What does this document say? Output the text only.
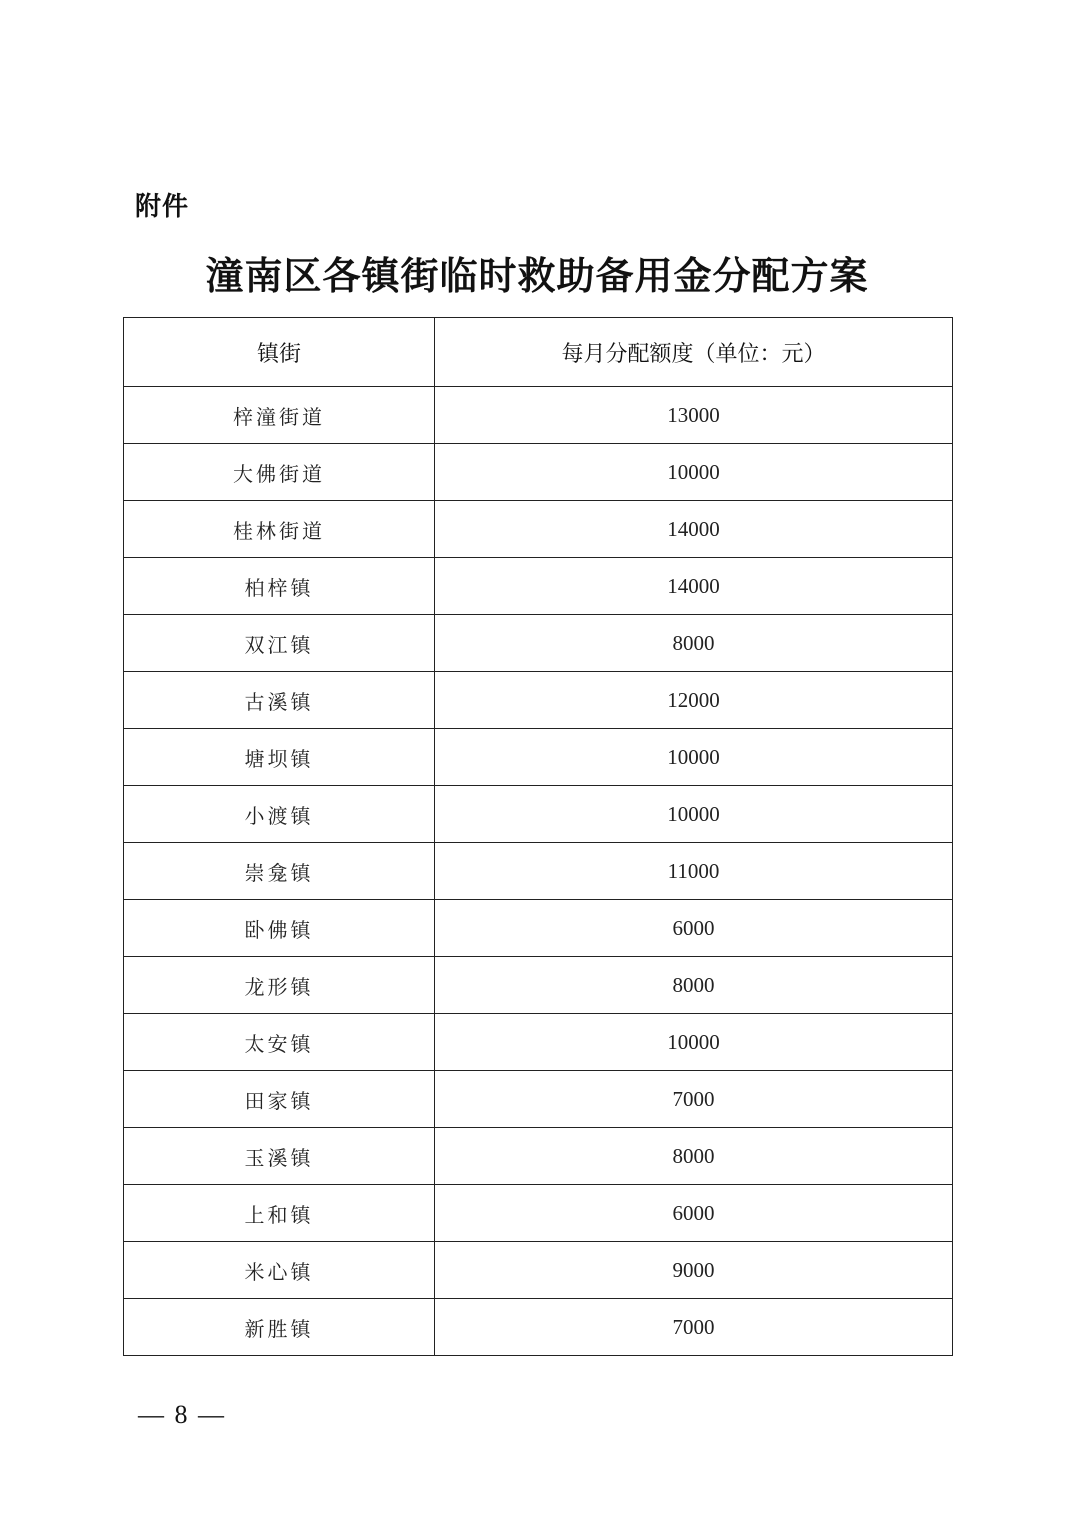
附件
潼南区各镇街临时救助备用金分配方案
镇街	每月分配额度（单位：元）
梓潼街道	13000
大佛街道	10000
桂林街道	14000
柏梓镇	14000
双江镇	8000
古溪镇	12000
塘坝镇	10000
小渡镇	10000
崇龛镇	11000
卧佛镇	6000
龙形镇	8000
太安镇	10000
田家镇	7000
玉溪镇	8000
上和镇	6000
米心镇	9000
新胜镇	7000
— 8 —
